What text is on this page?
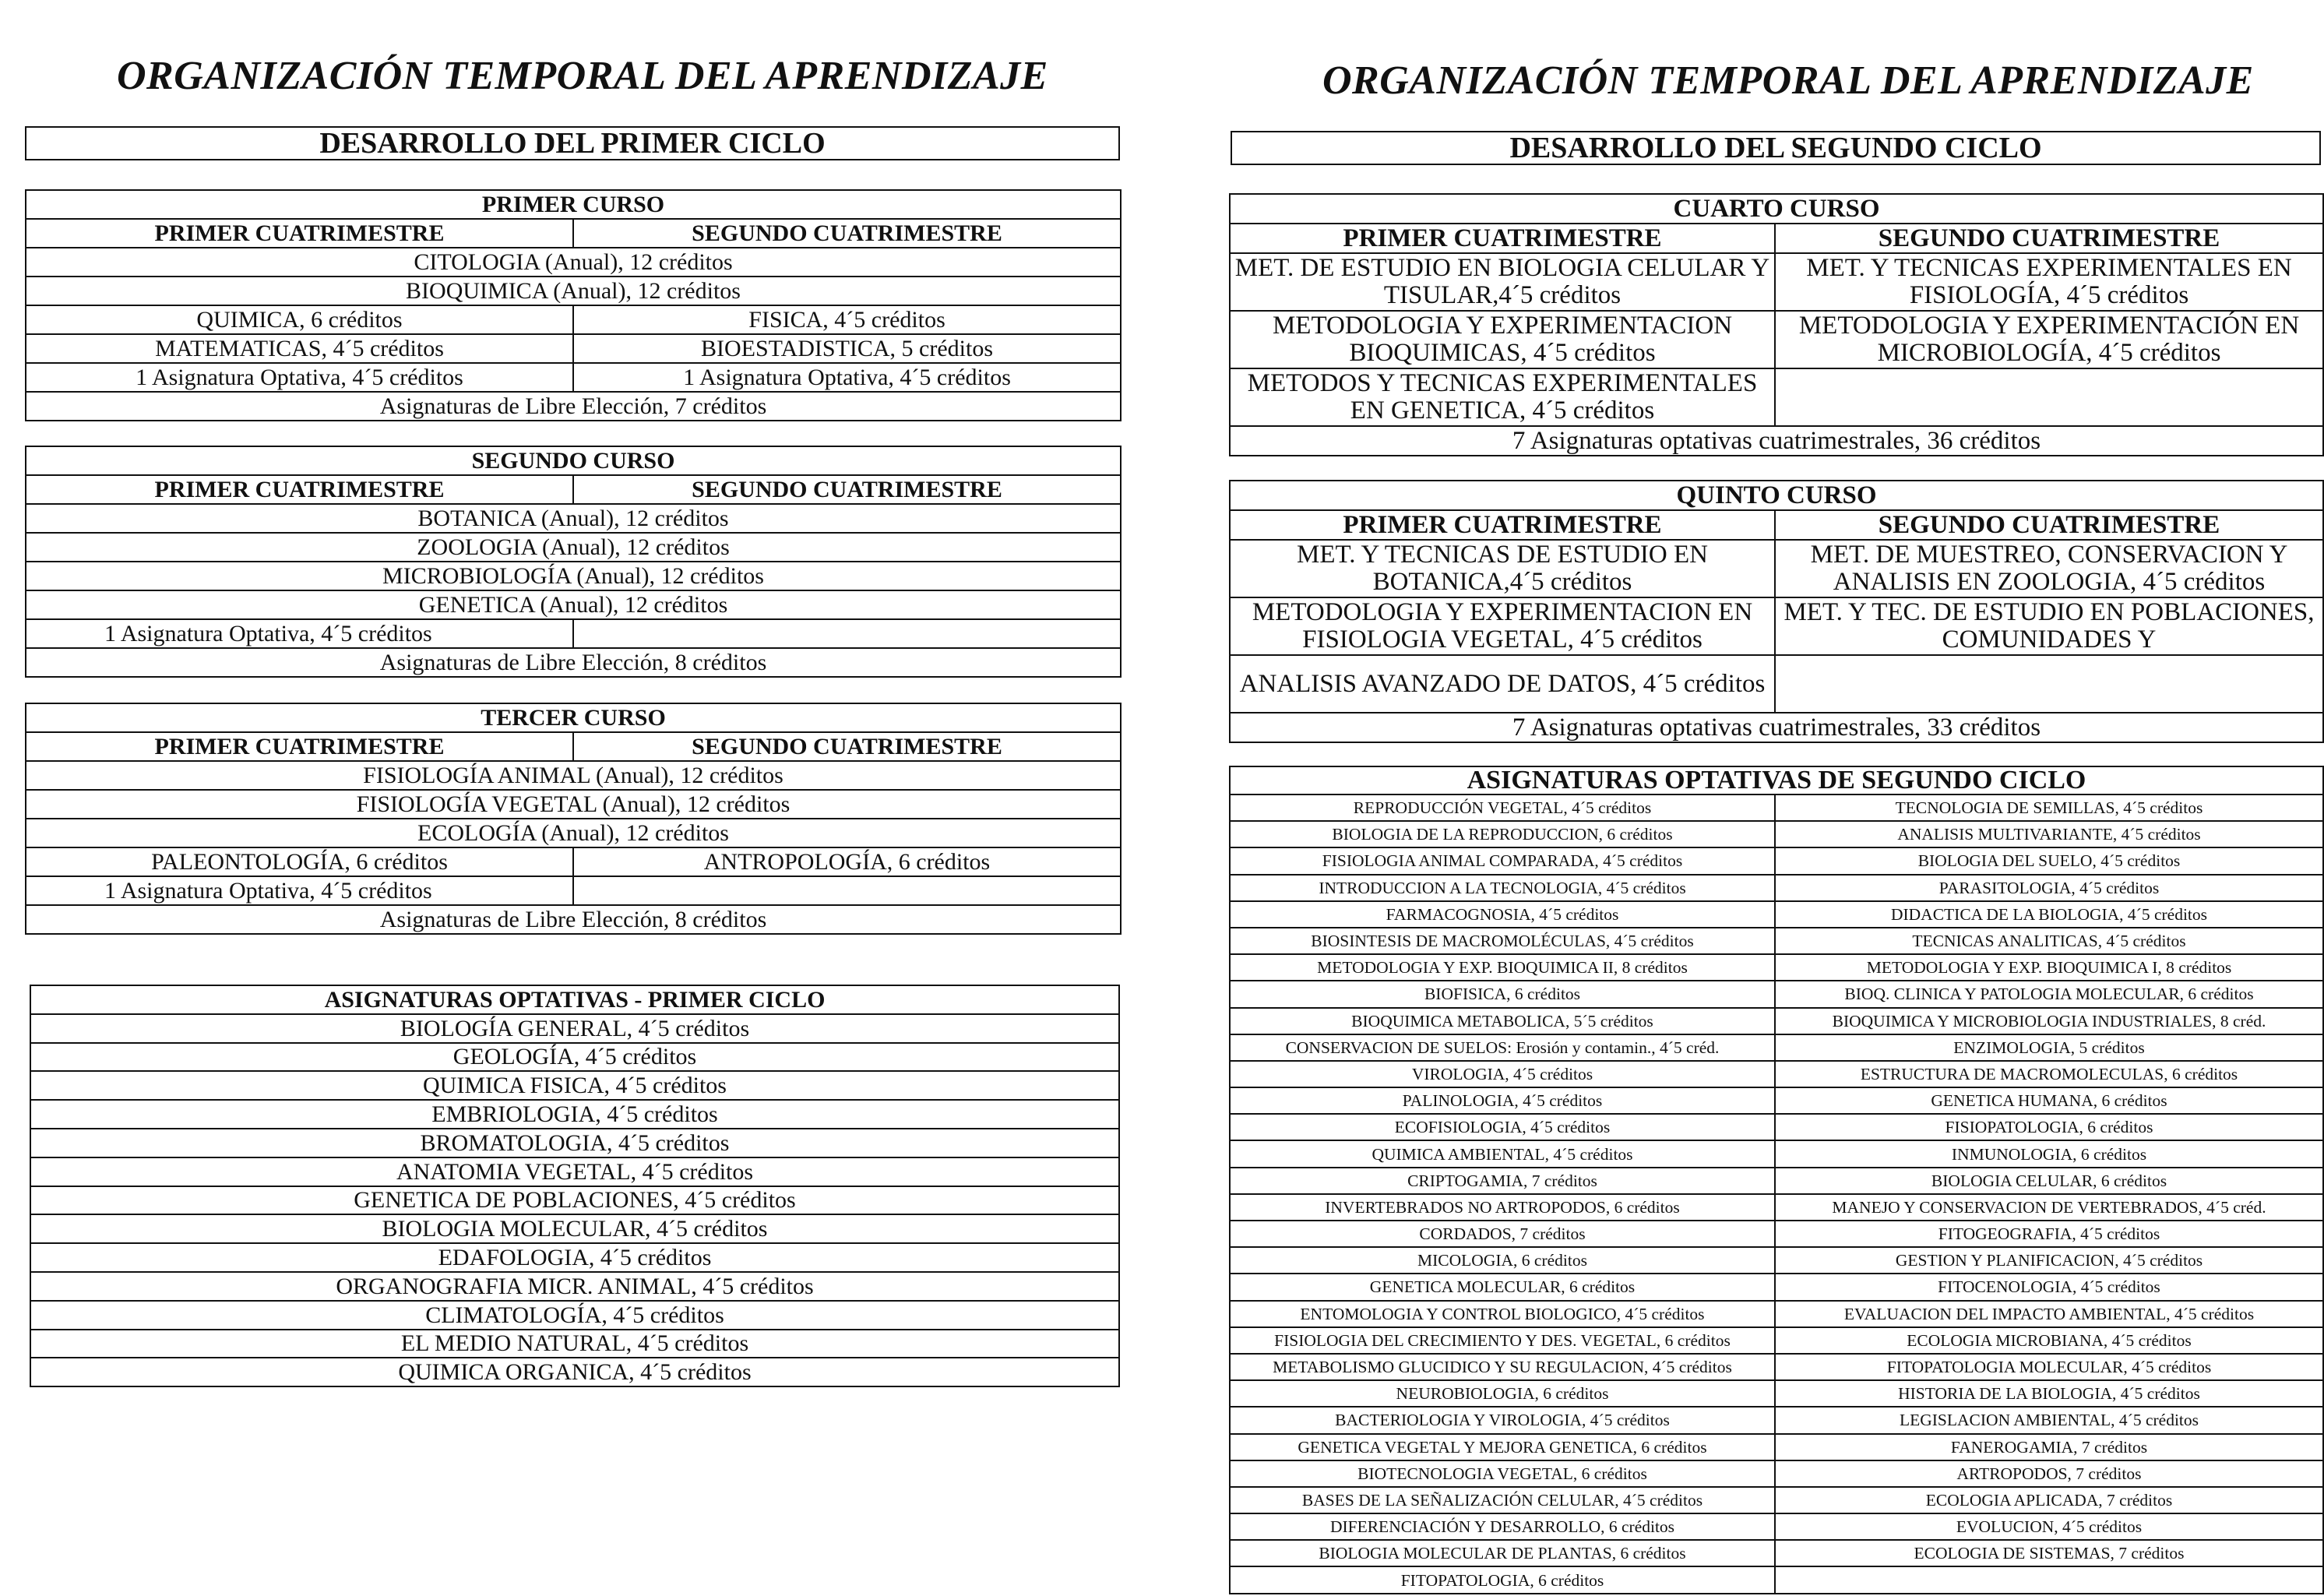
ORGANIZACIÓN TEMPORAL DEL APRENDIZAJE
DESARROLLO DEL PRIMER CICLO
PRIMER CURSO	
PRIMER CUATRIMESTRE	SEGUNDO CUATRIMESTRE
CITOLOGIA (Anual), 12 créditos	
BIOQUIMICA (Anual), 12 créditos	
QUIMICA, 6 créditos	FISICA, 4´5 créditos
MATEMATICAS, 4´5 créditos	BIOESTADISTICA, 5 créditos
1 Asignatura Optativa, 4´5 créditos	1 Asignatura Optativa, 4´5 créditos
Asignaturas de Libre Elección, 7 créditos	
SEGUNDO CURSO	
PRIMER CUATRIMESTRE	SEGUNDO CUATRIMESTRE
BOTANICA (Anual), 12 créditos	
ZOOLOGIA (Anual), 12 créditos	
MICROBIOLOGÍA (Anual), 12 créditos	
GENETICA (Anual), 12 créditos	
1 Asignatura Optativa, 4´5 créditos	
Asignaturas de Libre Elección, 8 créditos	
TERCER CURSO	
PRIMER CUATRIMESTRE	SEGUNDO CUATRIMESTRE
FISIOLOGÍA ANIMAL (Anual), 12 créditos	
FISIOLOGÍA VEGETAL (Anual), 12 créditos	
ECOLOGÍA (Anual), 12 créditos	
PALEONTOLOGÍA, 6 créditos	ANTROPOLOGÍA, 6 créditos
1 Asignatura Optativa, 4´5 créditos	
Asignaturas de Libre Elección, 8 créditos	
ASIGNATURAS OPTATIVAS - PRIMER CICLO
BIOLOGÍA GENERAL, 4´5 créditos
GEOLOGÍA, 4´5 créditos
QUIMICA FISICA, 4´5 créditos
EMBRIOLOGIA, 4´5 créditos
BROMATOLOGIA, 4´5 créditos
ANATOMIA VEGETAL, 4´5 créditos
GENETICA DE POBLACIONES, 4´5 créditos
BIOLOGIA MOLECULAR, 4´5 créditos
EDAFOLOGIA, 4´5 créditos
ORGANOGRAFIA MICR. ANIMAL, 4´5 créditos
CLIMATOLOGÍA, 4´5 créditos
EL MEDIO NATURAL, 4´5 créditos
QUIMICA ORGANICA, 4´5 créditos
ORGANIZACIÓN TEMPORAL DEL APRENDIZAJE
DESARROLLO DEL SEGUNDO CICLO
CUARTO CURSO	
PRIMER CUATRIMESTRE	SEGUNDO CUATRIMESTRE
MET. DE ESTUDIO EN BIOLOGIA CELULAR Y TISULAR,4´5 créditos	MET. Y TECNICAS EXPERIMENTALES EN FISIOLOGÍA, 4´5 créditos
METODOLOGIA Y EXPERIMENTACION BIOQUIMICAS, 4´5 créditos	METODOLOGIA Y EXPERIMENTACIÓN EN MICROBIOLOGÍA, 4´5 créditos
METODOS Y TECNICAS EXPERIMENTALES EN GENETICA, 4´5 créditos	
7 Asignaturas optativas cuatrimestrales, 36 créditos	
QUINTO CURSO	
PRIMER CUATRIMESTRE	SEGUNDO CUATRIMESTRE
MET. Y TECNICAS DE ESTUDIO EN BOTANICA,4´5 créditos	MET. DE MUESTREO, CONSERVACION Y ANALISIS EN ZOOLOGIA, 4´5 créditos
METODOLOGIA Y EXPERIMENTACION EN FISIOLOGIA VEGETAL, 4´5 créditos	MET. Y TEC. DE ESTUDIO EN POBLACIONES, COMUNIDADES Y
ANALISIS AVANZADO DE DATOS, 4´5 créditos	
7 Asignaturas optativas cuatrimestrales, 33 créditos	
ASIGNATURAS OPTATIVAS DE SEGUNDO CICLO	
REPRODUCCIÓN VEGETAL, 4´5 créditos	TECNOLOGIA DE SEMILLAS, 4´5 créditos
BIOLOGIA DE LA REPRODUCCION, 6 créditos	ANALISIS MULTIVARIANTE, 4´5 créditos
FISIOLOGIA ANIMAL COMPARADA, 4´5 créditos	BIOLOGIA DEL SUELO, 4´5 créditos
INTRODUCCION A LA TECNOLOGIA, 4´5 créditos	PARASITOLOGIA, 4´5 créditos
FARMACOGNOSIA, 4´5 créditos	DIDACTICA DE LA BIOLOGIA, 4´5 créditos
BIOSINTESIS DE MACROMOLÉCULAS, 4´5 créditos	TECNICAS ANALITICAS, 4´5 créditos
METODOLOGIA Y EXP. BIOQUIMICA II, 8 créditos	METODOLOGIA Y EXP. BIOQUIMICA I, 8 créditos
BIOFISICA, 6 créditos	BIOQ. CLINICA Y PATOLOGIA MOLECULAR, 6 créditos
BIOQUIMICA METABOLICA, 5´5 créditos	BIOQUIMICA Y MICROBIOLOGIA INDUSTRIALES, 8 créd.
CONSERVACION DE SUELOS: Erosión y contamin., 4´5 créd.	ENZIMOLOGIA, 5 créditos
VIROLOGIA, 4´5 créditos	ESTRUCTURA DE MACROMOLECULAS, 6 créditos
PALINOLOGIA, 4´5 créditos	GENETICA HUMANA, 6 créditos
ECOFISIOLOGIA, 4´5 créditos	FISIOPATOLOGIA, 6 créditos
QUIMICA AMBIENTAL, 4´5 créditos	INMUNOLOGIA, 6 créditos
CRIPTOGAMIA, 7 créditos	BIOLOGIA CELULAR, 6 créditos
INVERTEBRADOS NO ARTROPODOS, 6 créditos	MANEJO Y CONSERVACION DE VERTEBRADOS, 4´5 créd.
CORDADOS, 7 créditos	FITOGEOGRAFIA, 4´5 créditos
MICOLOGIA, 6 créditos	GESTION Y PLANIFICACION, 4´5 créditos
GENETICA MOLECULAR, 6 créditos	FITOCENOLOGIA, 4´5 créditos
ENTOMOLOGIA Y CONTROL BIOLOGICO, 4´5 créditos	EVALUACION DEL IMPACTO AMBIENTAL, 4´5 créditos
FISIOLOGIA DEL CRECIMIENTO Y DES. VEGETAL, 6 créditos	ECOLOGIA MICROBIANA, 4´5 créditos
METABOLISMO GLUCIDICO Y SU REGULACION, 4´5 créditos	FITOPATOLOGIA MOLECULAR, 4´5 créditos
NEUROBIOLOGIA, 6 créditos	HISTORIA DE LA BIOLOGIA, 4´5 créditos
BACTERIOLOGIA Y VIROLOGIA, 4´5 créditos	LEGISLACION AMBIENTAL, 4´5 créditos
GENETICA VEGETAL Y MEJORA GENETICA, 6 créditos	FANEROGAMIA, 7 créditos
BIOTECNOLOGIA VEGETAL, 6 créditos	ARTROPODOS, 7 créditos
BASES DE LA SEÑALIZACIÓN CELULAR, 4´5 créditos	ECOLOGIA APLICADA, 7 créditos
DIFERENCIACIÓN Y DESARROLLO, 6 créditos	EVOLUCION, 4´5 créditos
BIOLOGIA MOLECULAR DE PLANTAS, 6 créditos	ECOLOGIA DE SISTEMAS, 7 créditos
FITOPATOLOGIA, 6 créditos	
